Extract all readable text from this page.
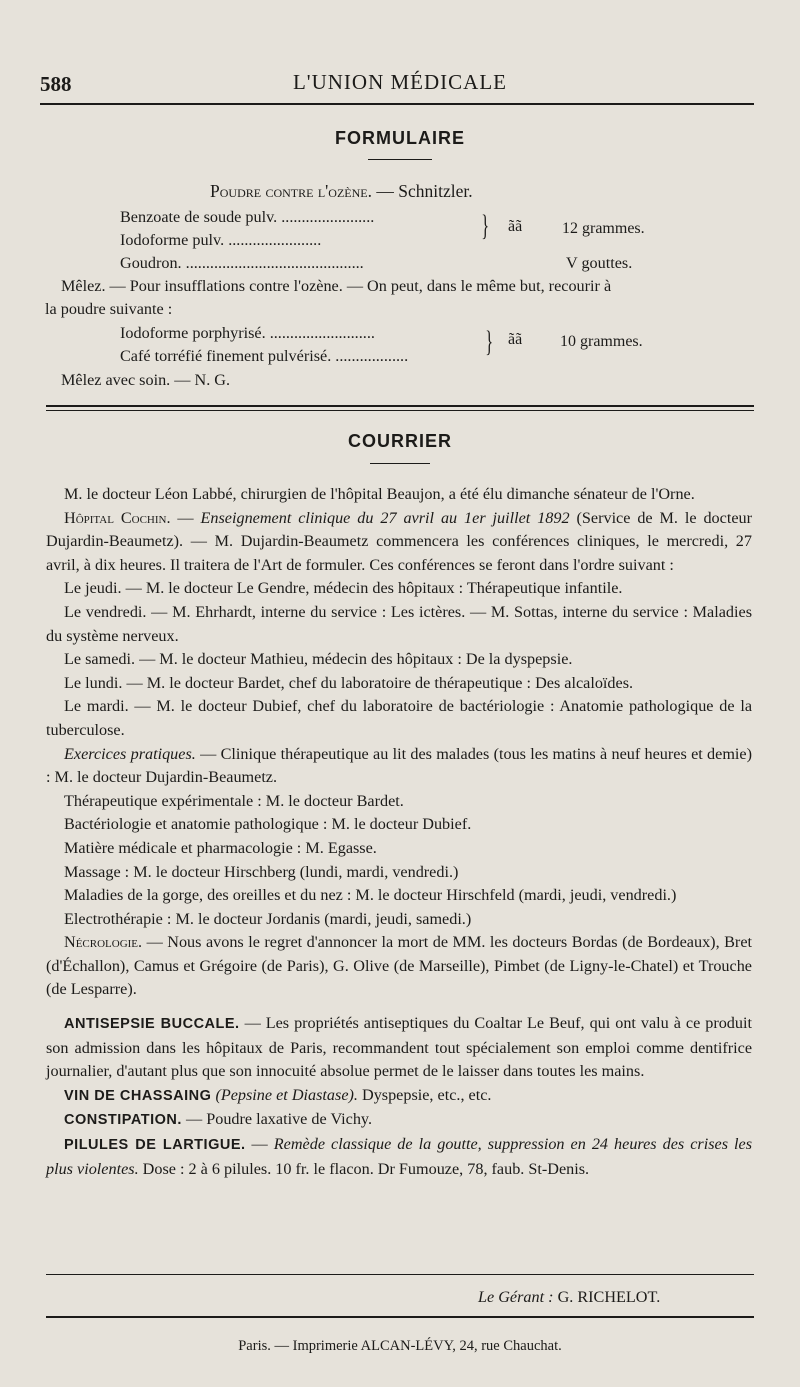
588	L'UNION MÉDICALE
FORMULAIRE
Poudre contre l'ozène. — Schnitzler.
Benzoate de soude pulv. .......................
Iodoforme pulv. .......................	} ãã 12 grammes.
Goudron. ............................................	V gouttes.
Mêlez. — Pour insufflations contre l'ozène. — On peut, dans le même but, recourir à
la poudre suivante :
Iodoforme porphyrisé. ..........................
Café torréfié finement pulvérisé. ..................	} ãã 10 grammes.
Mêlez avec soin. — N. G.
COURRIER
M. le docteur Léon Labbé, chirurgien de l'hôpital Beaujon, a été élu dimanche sénateur de l'Orne.
Hôpital Cochin. — Enseignement clinique du 27 avril au 1er juillet 1892 (Service de M. le docteur Dujardin-Beaumetz). — M. Dujardin-Beaumetz commencera les conférences cliniques, le mercredi, 27 avril, à dix heures. Il traitera de l'Art de formuler. Ces conférences se feront dans l'ordre suivant :
Le jeudi. — M. le docteur Le Gendre, médecin des hôpitaux : Thérapeutique infantile.
Le vendredi. — M. Ehrhardt, interne du service : Les ictères. — M. Sottas, interne du service : Maladies du système nerveux.
Le samedi. — M. le docteur Mathieu, médecin des hôpitaux : De la dyspepsie.
Le lundi. — M. le docteur Bardet, chef du laboratoire de thérapeutique : Des alcaloïdes.
Le mardi. — M. le docteur Dubief, chef du laboratoire de bactériologie : Anatomie pathologique de la tuberculose.
Exercices pratiques. — Clinique thérapeutique au lit des malades (tous les matins à neuf heures et demie) : M. le docteur Dujardin-Beaumetz.
Thérapeutique expérimentale : M. le docteur Bardet.
Bactériologie et anatomie pathologique : M. le docteur Dubief.
Matière médicale et pharmacologie : M. Egasse.
Massage : M. le docteur Hirschberg (lundi, mardi, vendredi.)
Maladies de la gorge, des oreilles et du nez : M. le docteur Hirschfeld (mardi, jeudi, vendredi.)
Electrothérapie : M. le docteur Jordanis (mardi, jeudi, samedi.)
Nécrologie. — Nous avons le regret d'annoncer la mort de MM. les docteurs Bordas (de Bordeaux), Bret (d'Échallon), Camus et Grégoire (de Paris), G. Olive (de Marseille), Pimbet (de Ligny-le-Chatel) et Trouche (de Lesparre).
ANTISEPSIE BUCCALE. — Les propriétés antiseptiques du Coaltar Le Beuf, qui ont valu à ce produit son admission dans les hôpitaux de Paris, recommandent tout spécialement son emploi comme dentifrice journalier, d'autant plus que son innocuité absolue permet de le laisser dans toutes les mains.
VIN DE CHASSAING (Pepsine et Diastase). Dyspepsie, etc., etc.
CONSTIPATION. — Poudre laxative de Vichy.
PILULES DE LARTIGUE. — Remède classique de la goutte, suppression en 24 heures des crises les plus violentes. Dose : 2 à 6 pilules. 10 fr. le flacon. Dr Fumouze, 78, faub. St-Denis.
Le Gérant : G. RICHELOT.
Paris. — Imprimerie ALCAN-LÉVY, 24, rue Chauchat.
